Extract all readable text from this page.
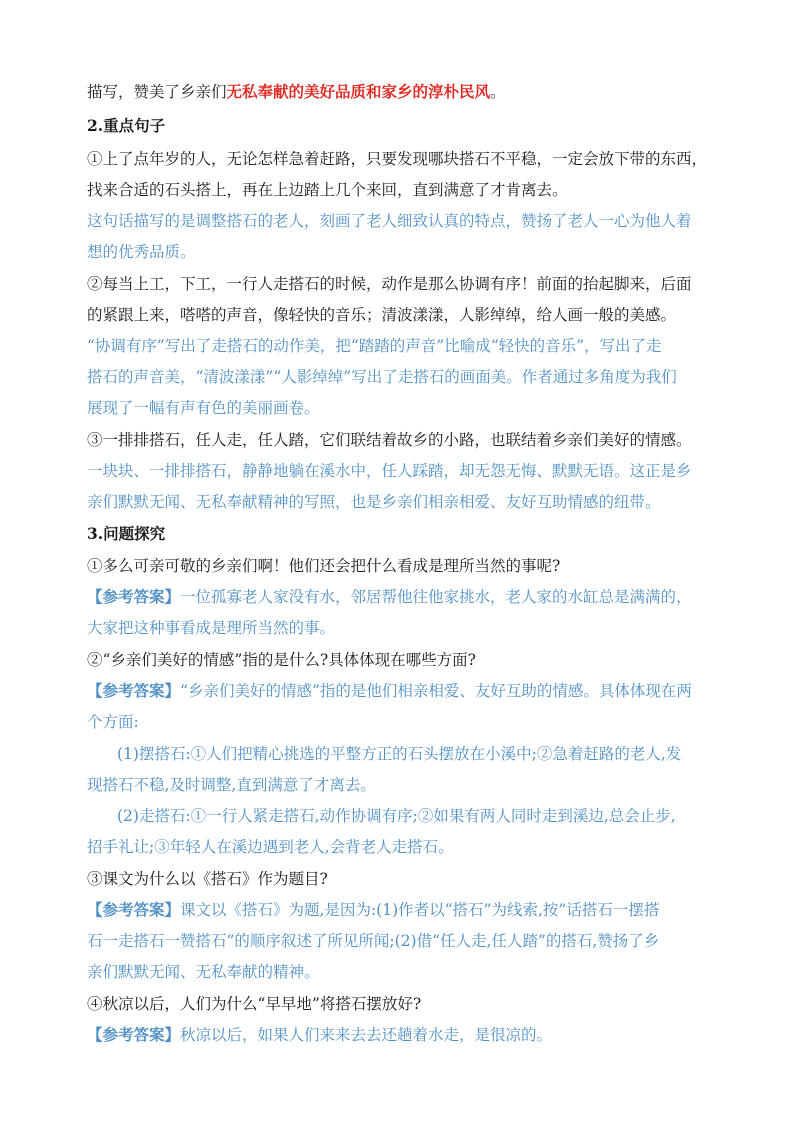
描写，赞美了乡亲们无私奉献的美好品质和家乡的淳朴民风。
2.重点句子
①上了点年岁的人，无论怎样急着赶路，只要发现哪块搭石不平稳，一定会放下带的东西，
找来合适的石头搭上，再在上边踏上几个来回，直到满意了才肯离去。
这句话描写的是调整搭石的老人，刻画了老人细致认真的特点，赞扬了老人一心为他人着
想的优秀品质。
②每当上工，下工，一行人走搭石的时候，动作是那么协调有序！前面的抬起脚来，后面
的紧跟上来，嗒嗒的声音，像轻快的音乐；清波漾漾，人影绰绰，给人画一般的美感。
“协调有序”写出了走搭石的动作美，把“踏踏的声音”比喻成“轻快的音乐”，写出了走
搭石的声音美，“清波漾漾”“人影绰绰”写出了走搭石的画面美。作者通过多角度为我们
展现了一幅有声有色的美丽画卷。
③一排排搭石，任人走，任人踏，它们联结着故乡的小路，也联结着乡亲们美好的情感。
一块块、一排排搭石，静静地躺在溪水中，任人踩踏，却无怨无悔、默默无语。这正是乡
亲们默默无闻、无私奉献精神的写照，也是乡亲们相亲相爱、友好互助情感的纽带。
3.问题探究
①多么可亲可敬的乡亲们啊！他们还会把什么看成是理所当然的事呢?
【参考答案】一位孤寡老人家没有水，邻居帮他往他家挑水，老人家的水缸总是满满的，
大家把这种事看成是理所当然的事。
②“乡亲们美好的情感”指的是什么?具体体现在哪些方面?
【参考答案】“乡亲们美好的情感”指的是他们相亲相爱、友好互助的情感。具体体现在两
个方面:
(1)摆搭石:①人们把精心挑选的平整方正的石头摆放在小溪中;②急着赶路的老人,发
现搭石不稳,及时调整,直到满意了才离去。
(2)走搭石:①一行人紧走搭石,动作协调有序;②如果有两人同时走到溪边,总会止步,
招手礼让;③年轻人在溪边遇到老人,会背老人走搭石。
③课文为什么以《搭石》作为题目?
【参考答案】课文以《搭石》为题,是因为:(1)作者以“搭石”为线索,按”话搭石一摆搭
石一走搭石一赞搭石”的顺序叙述了所见所闻;(2)借“任人走,任人踏”的搭石,赞扬了乡
亲们默默无闻、无私奉献的精神。
④秋凉以后，人们为什么“早早地”将搭石摆放好?
【参考答案】秋凉以后，如果人们来来去去还趟着水走，是很凉的。
